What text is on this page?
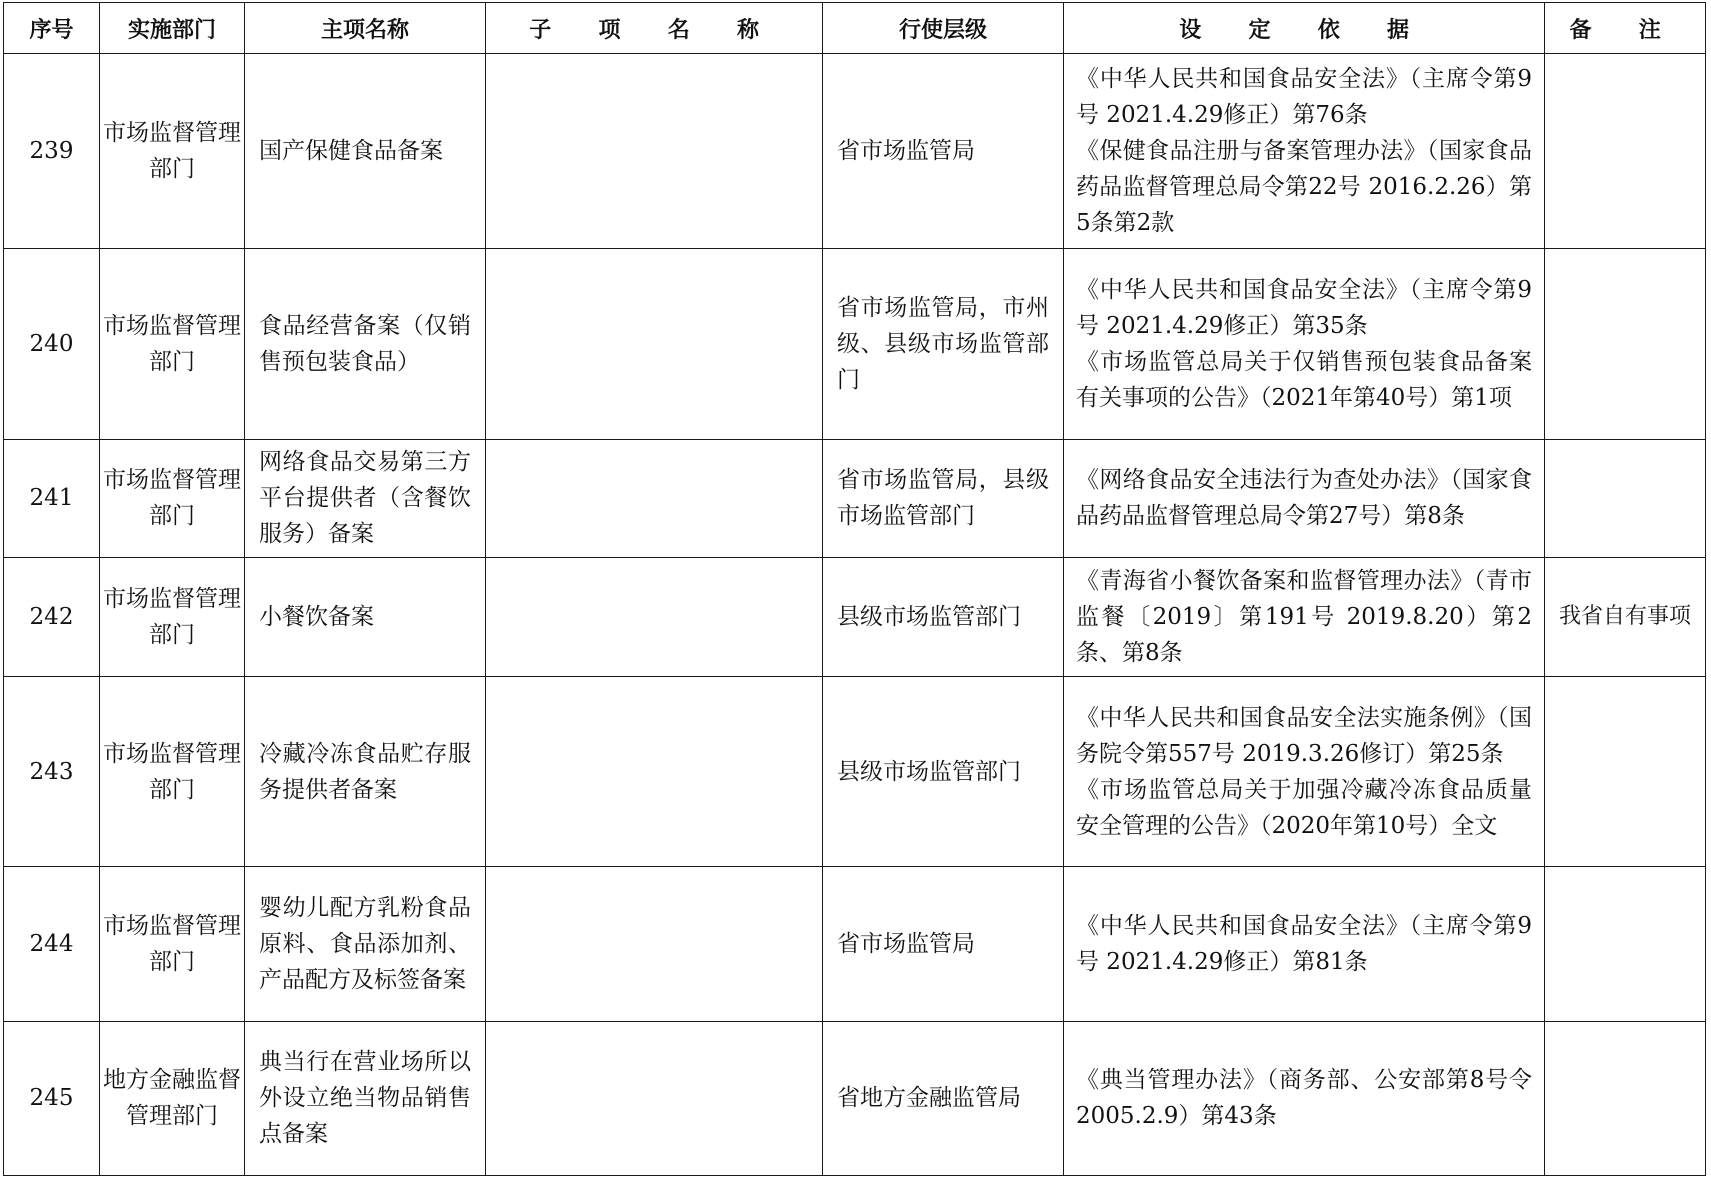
序号	实施部门	主项名称	子 项 名 称	行使层级	设 定 依 据	备 注
239	市场监督管理部门	国产保健食品备案		省市场监管局	《中华人民共和国食品安全法》（主席令第9号 2021.4.29修正）第76条
《保健食品注册与备案管理办法》（国家食品药品监督管理总局令第22号 2016.2.26）第5条第2款	

240	市场监督管理部门	食品经营备案（仅销售预包装食品）		省市场监管局，市州级、县级市场监管部门	《中华人民共和国食品安全法》（主席令第9号 2021.4.29修正）第35条
《市场监管总局关于仅销售预包装食品备案有关事项的公告》（2021年第40号）第1项	

241	市场监督管理部门	网络食品交易第三方平台提供者（含餐饮服务）备案		省市场监管局，县级市场监管部门	《网络食品安全违法行为查处办法》（国家食品药品监督管理总局令第27号）第8条	

242	市场监督管理部门	小餐饮备案		县级市场监管部门	《青海省小餐饮备案和监督管理办法》（青市监餐〔2019〕第191号 2019.8.20）第2条、第8条	我省自有事项
243	市场监督管理部门	冷藏冷冻食品贮存服务提供者备案		县级市场监管部门	《中华人民共和国食品安全法实施条例》（国务院令第557号 2019.3.26修订）第25条
《市场监管总局关于加强冷藏冷冻食品质量安全管理的公告》（2020年第10号）全文	

244	市场监督管理部门	婴幼儿配方乳粉食品原料、食品添加剂、产品配方及标签备案		省市场监管局	《中华人民共和国食品安全法》（主席令第9号 2021.4.29修正）第81条	

245	地方金融监督管理部门	典当行在营业场所以外设立绝当物品销售点备案		省地方金融监管局	《典当管理办法》（商务部、公安部第8号令 2005.2.9）第43条	
